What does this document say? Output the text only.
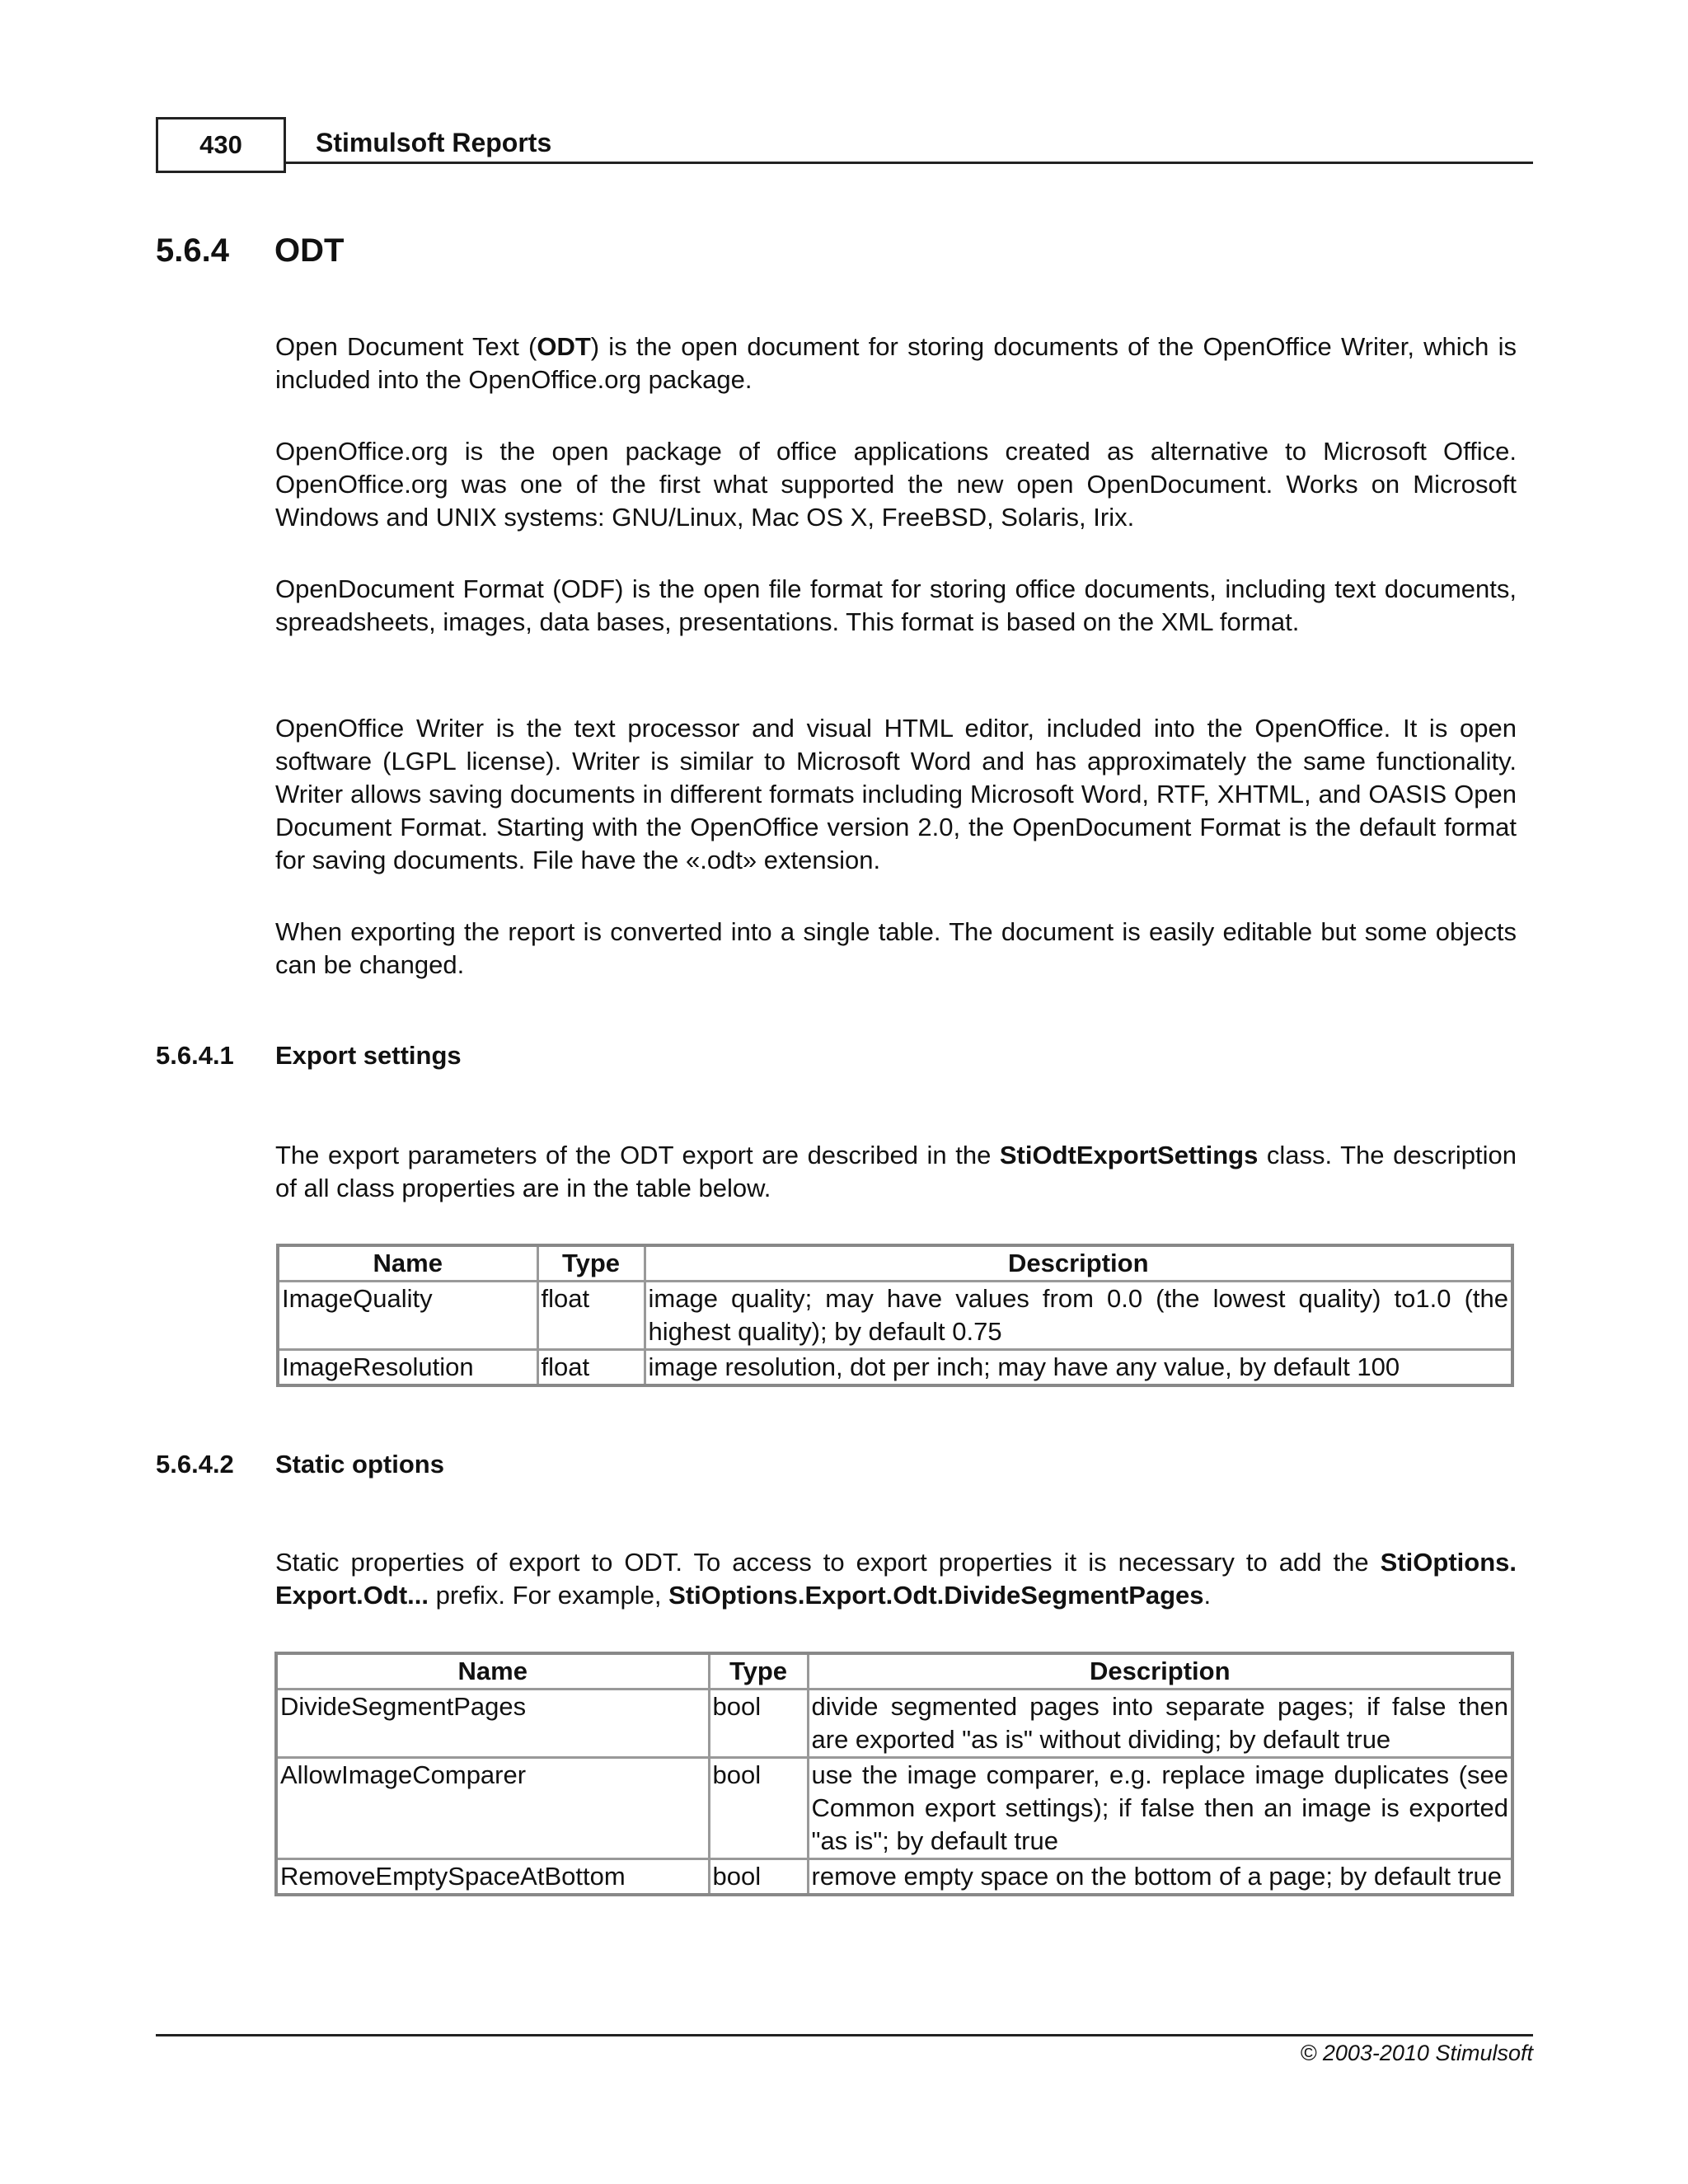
430	Stimulsoft Reports
5.6.4 ODT

Open Document Text (ODT) is the open document for storing documents of the OpenOffice Writer, which is included into the OpenOffice.org package.

OpenOffice.org is the open package of office applications created as alternative to Microsoft Office. OpenOffice.org was one of the first what supported the new open OpenDocument. Works on Microsoft Windows and UNIX systems: GNU/Linux, Mac OS X, FreeBSD, Solaris, Irix.

OpenDocument Format (ODF) is the open file format for storing office documents, including text documents, spreadsheets, images, data bases, presentations. This format is based on the XML format.

OpenOffice Writer is the text processor and visual HTML editor, included into the OpenOffice. It is open software (LGPL license). Writer is similar to Microsoft Word and has approximately the same functionality. Writer allows saving documents in different formats including Microsoft Word, RTF, XHTML, and OASIS Open Document Format. Starting with the OpenOffice version 2.0, the OpenDocument Format is the default format for saving documents. File have the «.odt» extension.

When exporting the report is converted into a single table. The document is easily editable but some objects can be changed.

5.6.4.1 Export settings

The export parameters of the ODT export are described in the StiOdtExportSettings class. The description of all class properties are in the table below.

Name	Type	Description
ImageQuality	float	image quality; may have values from 0.0 (the lowest quality) to1.0 (the highest quality); by default 0.75
ImageResolution	float	image resolution, dot per inch; may have any value, by default 100
5.6.4.2 Static options

Static properties of export to ODT. To access to export properties it is necessary to add the StiOptions. Export.Odt... prefix. For example, StiOptions.Export.Odt.DivideSegmentPages.

Name	Type	Description
DivideSegmentPages	bool	divide segmented pages into separate pages; if false then are exported "as is" without dividing; by default true
AllowImageComparer	bool	use the image comparer, e.g. replace image duplicates (see Common export settings); if false then an image is exported "as is"; by default true
RemoveEmptySpaceAtBottom	bool	remove empty space on the bottom of a page; by default true
© 2003-2010 Stimulsoft
